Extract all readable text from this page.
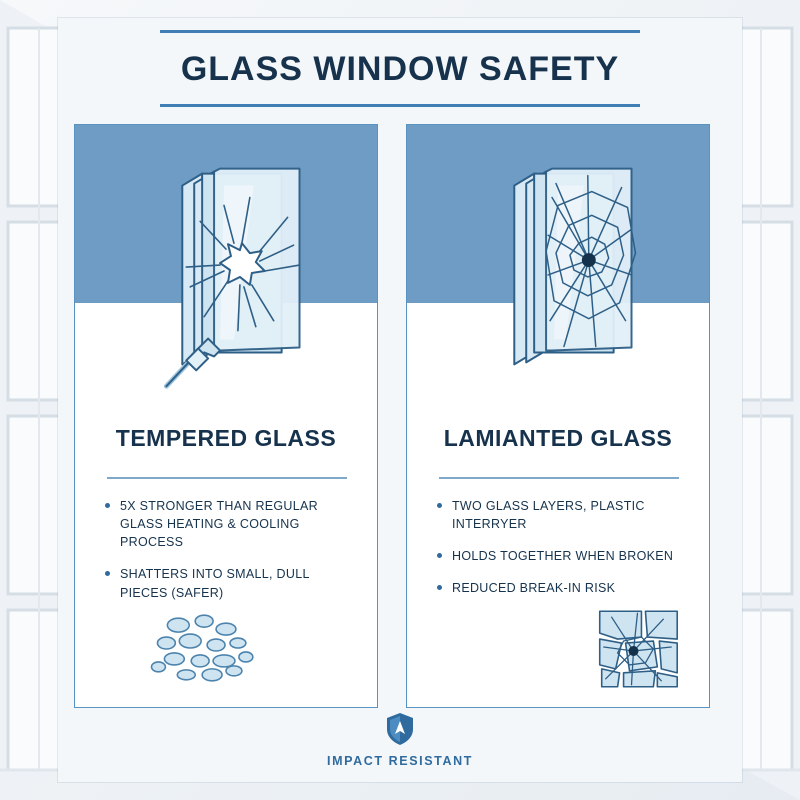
GLASS WINDOW SAFETY
TEMPERED GLASS
5X STRONGER THAN REGULAR GLASS HEATING & COOLING PROCESS
SHATTERS INTO SMALL, DULL PIECES (SAFER)
LAMIANTED GLASS
TWO GLASS LAYERS, PLASTIC INTERRYER
HOLDS TOGETHER WHEN BROKEN
REDUCED BREAK-IN RISK
IMPACT RESISTANT
